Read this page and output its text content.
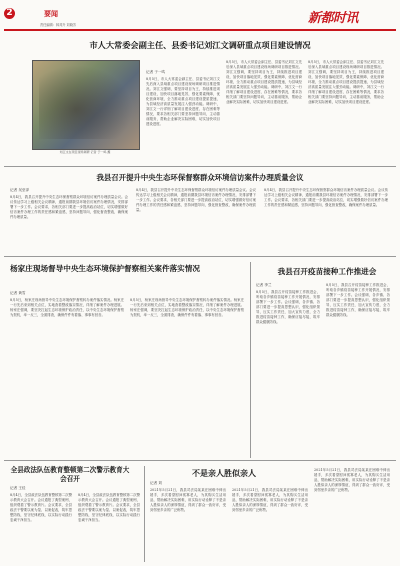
2	要闻
责任编辑：林邦升 刘晓芳	新都时讯
市人大常委会副主任、县委书记刘江文调研重点项目建设情况
刘江文在项目现场调研 记者 于一鸣 摄
记者 于一鸣
8月5日，市人大常委会副主任、县委书记刘江文先后深入县域重点项目建设现场调研项目推进情况。刘江文强调，要坚持项目为王，持续推进项目建设，加快项目落地见效，强化要素保障，优化营商环境，全力推动重点项目建设提质提速，为县域经济高质量发展注入强劲动能。调研中，刘江文一行详细了解项目建设进度、存在困难等情况，要求各相关部门要坚持问题导向，主动靠前服务，帮助企业解决实际困难，切实加快项目建设进度。
8月5日，市人大常委会副主任、县委书记刘江文先后深入县域重点项目建设现场调研项目推进情况。刘江文强调，要坚持项目为王，持续推进项目建设，加快项目落地见效，强化要素保障，优化营商环境，全力推动重点项目建设提质提速，为县域经济高质量发展注入强劲动能。调研中，刘江文一行详细了解项目建设进度、存在困难等情况，要求各相关部门要坚持问题导向，主动靠前服务，帮助企业解决实际困难，切实加快项目建设进度。
8月5日，市人大常委会副主任、县委书记刘江文先后深入县域重点项目建设现场调研项目推进情况。刘江文强调，要坚持项目为王，持续推进项目建设，加快项目落地见效，强化要素保障，优化营商环境，全力推动重点项目建设提质提速，为县域经济高质量发展注入强劲动能。调研中，刘江文一行详细了解项目建设进度、存在困难等情况，要求各相关部门要坚持问题导向，主动靠前服务，帮助企业解决实际困难，切实加快项目建设进度。
我县召开提升中央生态环保督察群众环境信访案件办理质量会议
记者 吴至泽
8月4日，我县召开提升中央生态环保督察群众环境信访案件办理质量会议。会议传达学习上级相关会议精神，通报前期我县环境信访案件办理情况，安排部署下一步工作。会议要求，各相关部门要进一步提高政治站位，切实增强做好信访案件办理工作的责任感和紧迫感，坚持问题导向，强化督查整改，确保案件办理质量。
8月4日，我县召开提升中央生态环保督察群众环境信访案件办理质量会议。会议传达学习上级相关会议精神，通报前期我县环境信访案件办理情况，安排部署下一步工作。会议要求，各相关部门要进一步提高政治站位，切实增强做好信访案件办理工作的责任感和紧迫感，坚持问题导向，强化督查整改，确保案件办理质量。
8月4日，我县召开提升中央生态环保督察群众环境信访案件办理质量会议。会议传达学习上级相关会议精神，通报前期我县环境信访案件办理情况，安排部署下一步工作。会议要求，各相关部门要进一步提高政治站位，切实增强做好信访案件办理工作的责任感和紧迫感，坚持问题导向，强化督查整改，确保案件办理质量。
杨家庄现场督导中央生态环境保护督察相关案件落实情况
记者 黄雪
8月5日，杨家庄现场督导中央生态环境保护督察转办案件落实情况。杨家庄一行先后来到相关点位，实地查看整改落实情况，详细了解案件办理进展。杨家庄强调，要坚决扛起生态环境保护政治责任，以中央生态环境保护督察为契机，举一反三，全面排查，确保件件有着落、事事有回音。
8月5日，杨家庄现场督导中央生态环境保护督察转办案件落实情况。杨家庄一行先后来到相关点位，实地查看整改落实情况，详细了解案件办理进展。杨家庄强调，要坚决扛起生态环境保护政治责任，以中央生态环境保护督察为契机，举一反三，全面排查，确保件件有着落、事事有回音。
我县召开疫苗接种工作推进会
记者 李兰
8月5日，我县召开疫苗接种工作推进会，听取各乡镇疫苗接种工作开展情况，安排部署下一步工作。会议强调，各乡镇、各部门要进一步提高思想认识，强化组织领导，压实工作责任，加大宣传力度，全力推进疫苗接种工作，确保应接尽接，筑牢群众健康防线。
8月5日，我县召开疫苗接种工作推进会，听取各乡镇疫苗接种工作开展情况，安排部署下一步工作。会议强调，各乡镇、各部门要进一步提高思想认识，强化组织领导，压实工作责任，加大宣传力度，全力推进疫苗接种工作，确保应接尽接，筑牢群众健康防线。
全县政法队伍教育整顿第二次警示教育大会召开
记者 王佳
8月4日，全县政法队伍教育整顿第二次警示教育大会召开。会议通报了典型案例，组织观看了警示教育片。会议要求，全县政法干警要以案为鉴、以案促改，筑牢思想防线，坚守纪律底线，以实际行动践行忠诚干净担当。
8月4日，全县政法队伍教育整顿第二次警示教育大会召开。会议通报了典型案例，组织观看了警示教育片。会议要求，全县政法干警要以案为鉴、以案促改，筑牢思想防线，坚守纪律底线，以实际行动践行忠诚干净担当。
不是亲人胜似亲人
记者 刘
2021年5月21日，我县司法局某某在困难中伸出援手，多次看望慰问孤寡老人，为其购买生活用品，帮助解决实际困难，用实际行动诠释了不是亲人胜似亲人的深厚情谊，得到了群众一致好评，受到邻里乡亲的广泛称赞。
2021年5月21日，我县司法局某某在困难中伸出援手，多次看望慰问孤寡老人，为其购买生活用品，帮助解决实际困难，用实际行动诠释了不是亲人胜似亲人的深厚情谊，得到了群众一致好评，受到邻里乡亲的广泛称赞。
2021年5月21日，我县司法局某某在困难中伸出援手，多次看望慰问孤寡老人，为其购买生活用品，帮助解决实际困难，用实际行动诠释了不是亲人胜似亲人的深厚情谊，得到了群众一致好评，受到邻里乡亲的广泛称赞。
